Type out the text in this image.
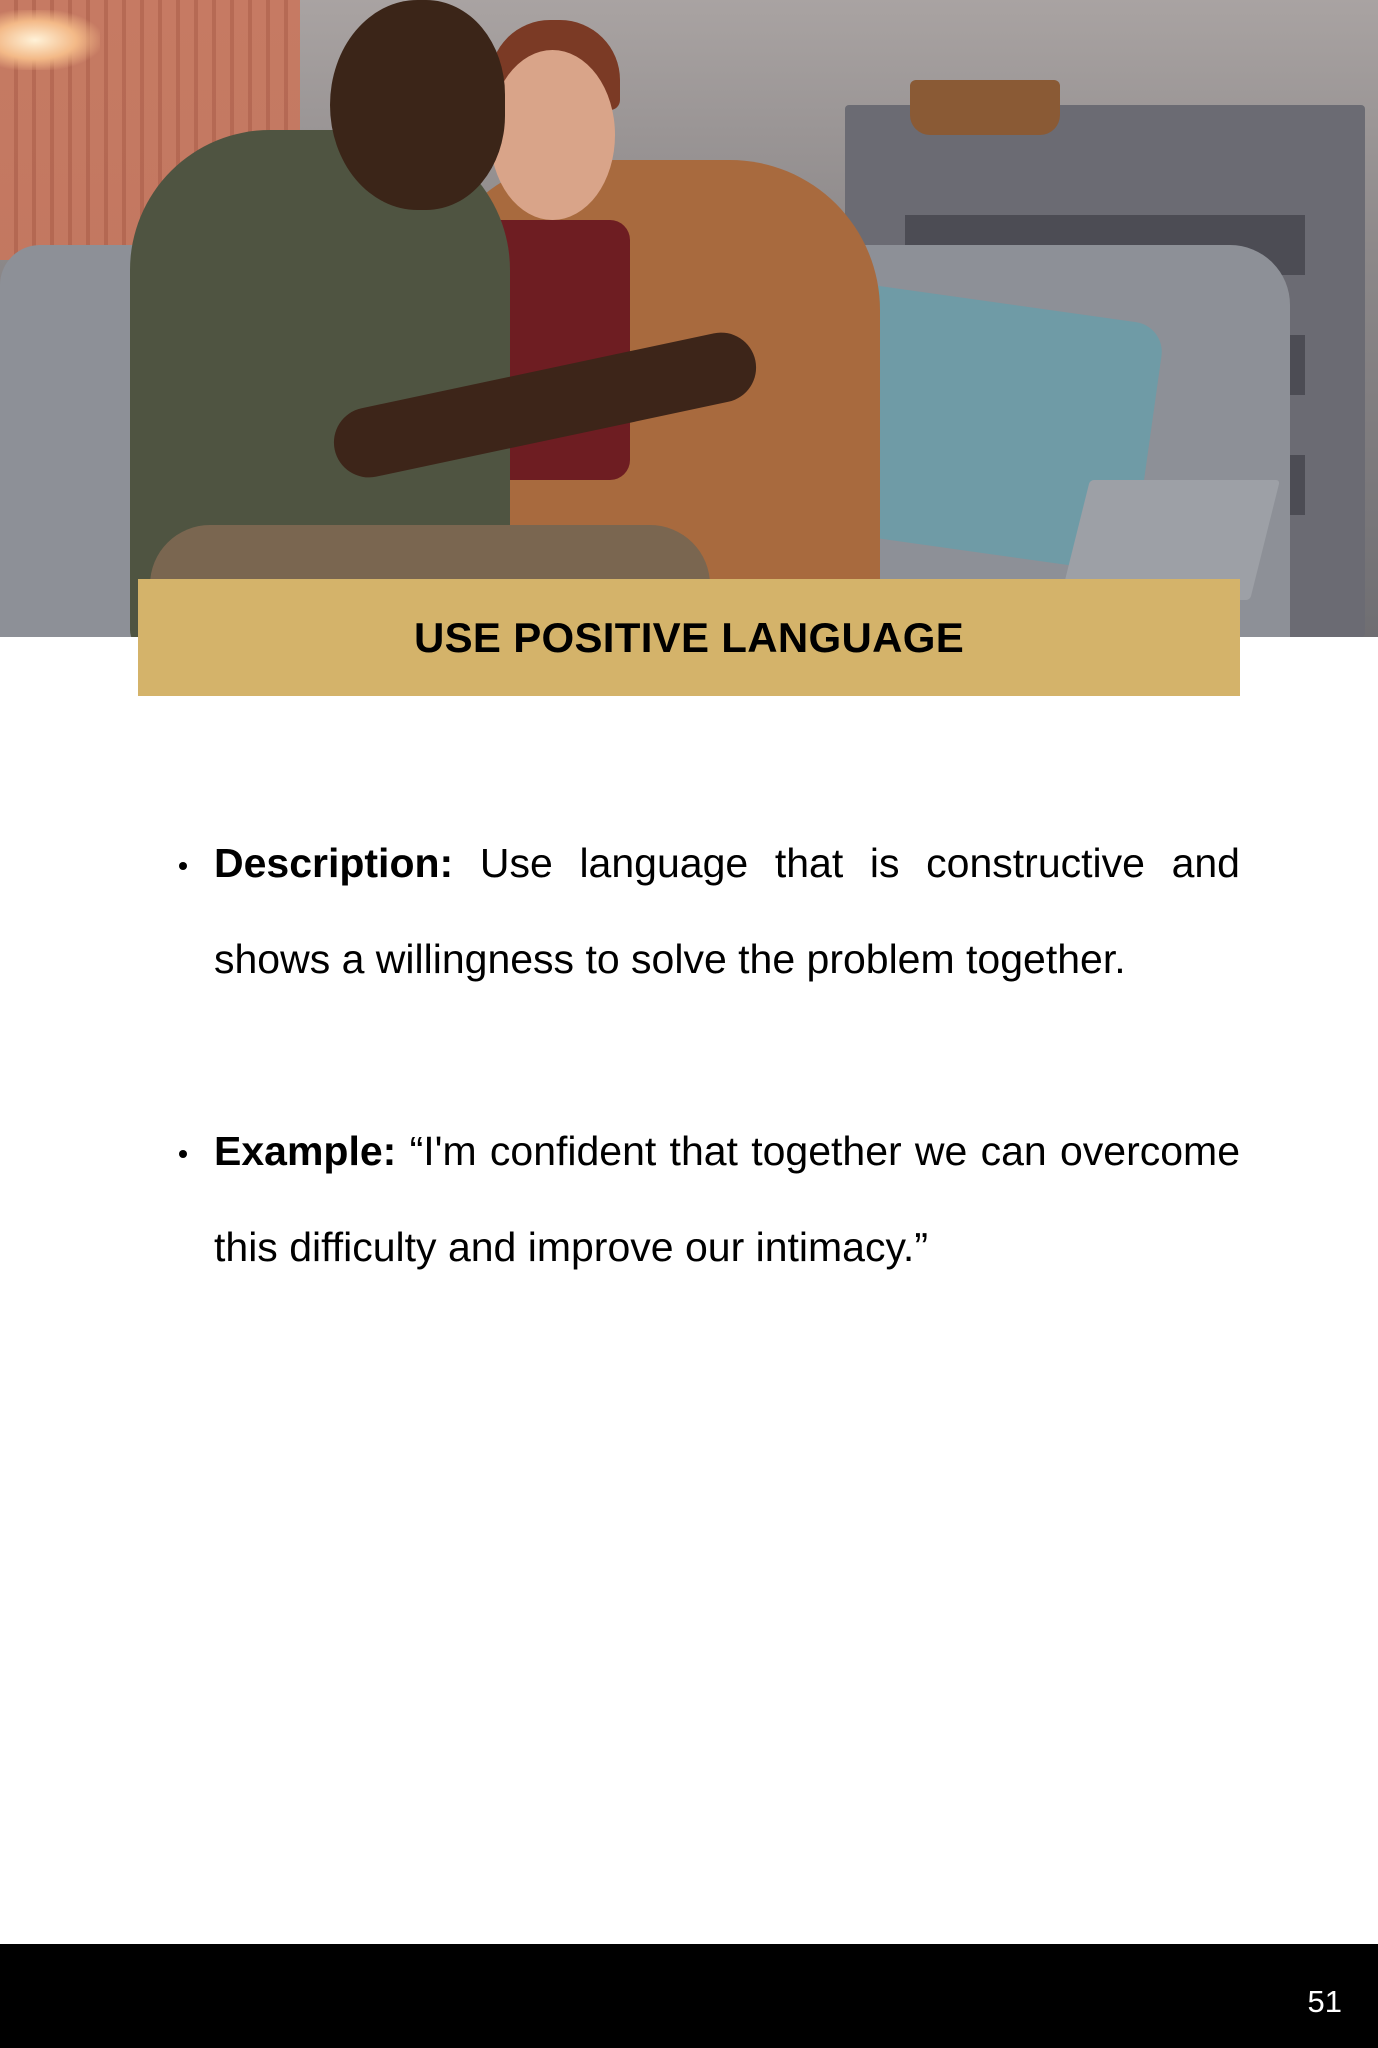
USE POSITIVE LANGUAGE
Description: Use language that is constructive and shows a willingness to solve the problem together.
Example: “I'm confident that together we can overcome this difficulty and improve our intimacy.”
51
